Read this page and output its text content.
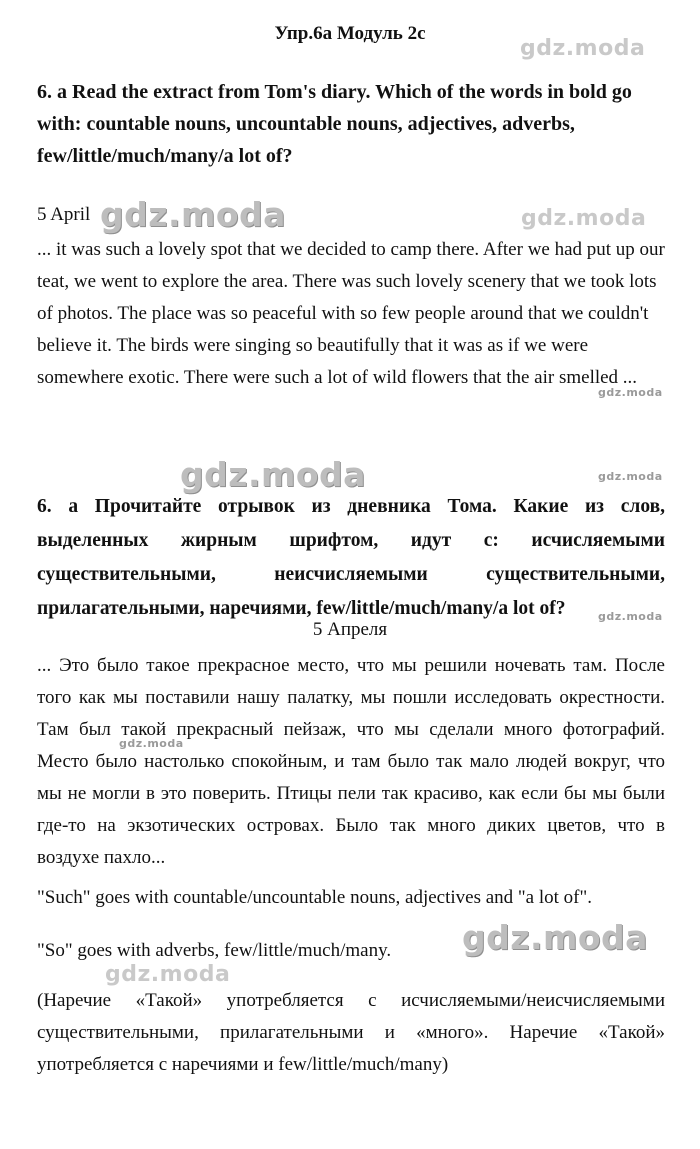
Упр.6а Модуль 2c
6. a Read the extract from Tom's diary. Which of the words in bold go with: countable nouns, uncountable nouns, adjectives, adverbs, few/little/much/many/a lot of?
5 April
... it was such a lovely spot that we decided to camp there. After we had put up our teat, we went to explore the area. There was such lovely scenery that we took lots of photos. The place was so peaceful with so few people around that we couldn't believe it. The birds were singing so beautifully that it was as if we were somewhere exotic. There were such a lot of wild flowers that the air smelled ...
6. а Прочитайте отрывок из дневника Тома. Какие из слов, выделенных жирным шрифтом, идут с: исчисляемыми существительными, неисчисляемыми существительными, прилагательными, наречиями, few/little/much/many/a lot of?
5 Апреля
... Это было такое прекрасное место, что мы решили ночевать там. После того как мы поставили нашу палатку, мы пошли исследовать окрестности. Там был такой прекрасный пейзаж, что мы сделали много фотографий. Место было настолько спокойным, и там было так мало людей вокруг, что мы не могли в это поверить. Птицы пели так красиво, как если бы мы были где-то на экзотических островах. Было так много диких цветов, что в воздухе пахло...
"Such" goes with countable/uncountable nouns, adjectives and "a lot of".
"So" goes with adverbs, few/little/much/many.
(Наречие «Такой» употребляется с исчисляемыми/неисчисляемыми существительными, прилагательными и «много». Наречие «Такой» употребляется с наречиями и few/little/much/many)
gdz.moda
gdz.moda	gdz.moda
gdz.moda
gdz.moda	gdz.moda
gdz.moda
gdz.moda
gdz.moda
gdz.moda
